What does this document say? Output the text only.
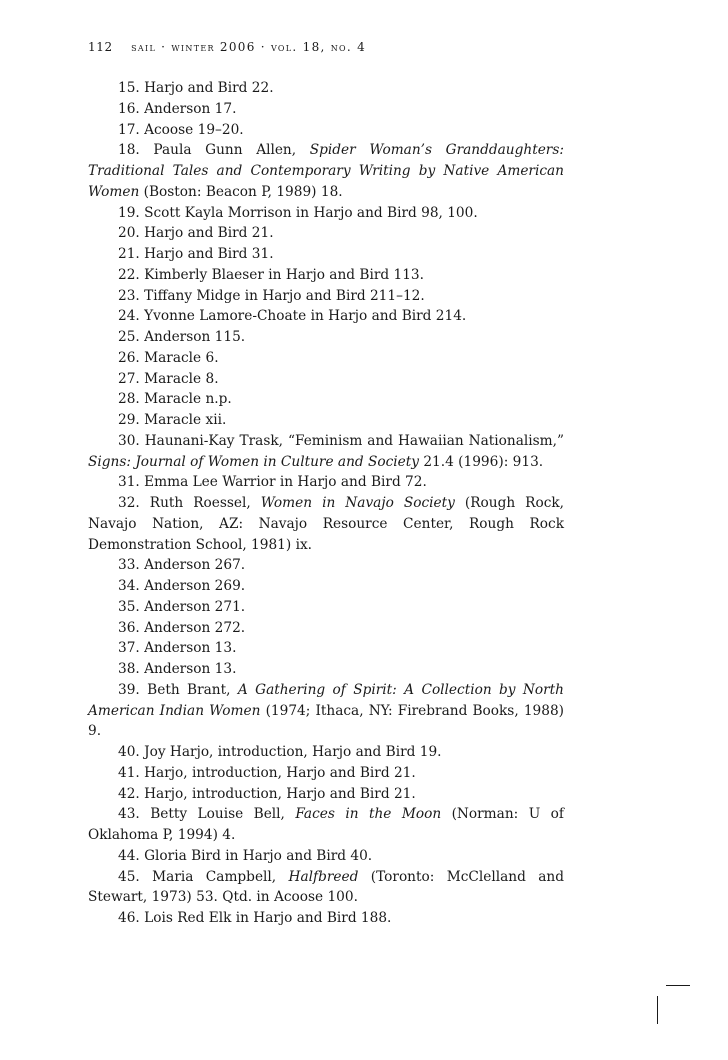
112 sail · winter 2006 · vol. 18, no. 4

15. Harjo and Bird 22.

16. Anderson 17.

17. Acoose 19–20.

18. Paula Gunn Allen, Spider Woman’s Granddaughters: Traditional Tales and Contemporary Writing by Native American Women (Boston: Beacon P, 1989) 18.

19. Scott Kayla Morrison in Harjo and Bird 98, 100.

20. Harjo and Bird 21.

21. Harjo and Bird 31.

22. Kimberly Blaeser in Harjo and Bird 113.

23. Tiffany Midge in Harjo and Bird 211–12.

24. Yvonne Lamore-Choate in Harjo and Bird 214.

25. Anderson 115.

26. Maracle 6.

27. Maracle 8.

28. Maracle n.p.

29. Maracle xii.

30. Haunani-Kay Trask, “Feminism and Hawaiian Nationalism,” Signs: Journal of Women in Culture and Society 21.4 (1996): 913.

31. Emma Lee Warrior in Harjo and Bird 72.

32. Ruth Roessel, Women in Navajo Society (Rough Rock, Navajo Nation, AZ: Navajo Resource Center, Rough Rock Demonstration School, 1981) ix.

33. Anderson 267.

34. Anderson 269.

35. Anderson 271.

36. Anderson 272.

37. Anderson 13.

38. Anderson 13.

39. Beth Brant, A Gathering of Spirit: A Collection by North American Indian Women (1974; Ithaca, NY: Firebrand Books, 1988) 9.

40. Joy Harjo, introduction, Harjo and Bird 19.

41. Harjo, introduction, Harjo and Bird 21.

42. Harjo, introduction, Harjo and Bird 21.

43. Betty Louise Bell, Faces in the Moon (Norman: U of Oklahoma P, 1994) 4.

44. Gloria Bird in Harjo and Bird 40.

45. Maria Campbell, Halfbreed (Toronto: McClelland and Stewart, 1973) 53. Qtd. in Acoose 100.

46. Lois Red Elk in Harjo and Bird 188.
